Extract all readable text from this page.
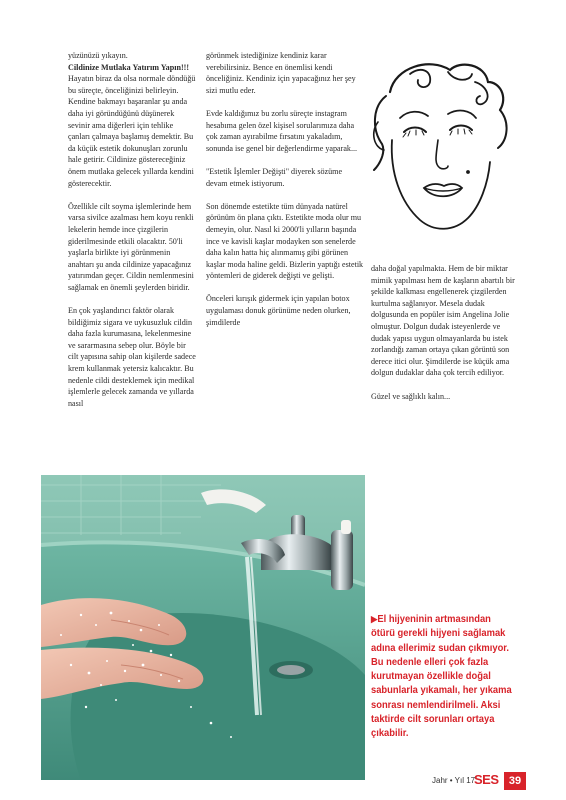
yüzünüzü yıkayın.
Cildinize Mutlaka Yatırım Yapın!!!

Hayatın biraz da olsa normale döndüğü bu süreçte, önceliğinizi belirleyin. Kendine bakmayı başaranlar şu anda daha iyi göründüğünü düşünerek sevinir ama diğerleri için tehlike çanları çalmaya başlamış demektir. Bu da küçük estetik dokunuşları zorunlu hale getirir. Cildinize göstereceğiniz önem mutlaka gelecek yıllarda kendini gösterecektir.

Özellikle cilt soyma işlemlerinde hem varsa sivilce azalması hem koyu renkli lekelerin hemde ince çizgilerin giderilmesinde etkili olacaktır. 50'li yaşlarla birlikte iyi görünmenin anahtarı şu anda cildinize yapacağınız yatırımdan geçer. Cildin nemlenmesini sağlamak en önemli şeylerden biridir.

En çok yaşlandırıcı faktör olarak bildiğimiz sigara ve uykusuzluk cildin daha fazla kurumasına, lekelenmesine ve sararmasına sebep olur. Böyle bir cilt yapısına sahip olan kişilerde sadece krem kullanmak yetersiz kalıcaktır. Bu nedenle cildi desteklemek için medikal işlemlerle gelecek zamanda ve yıllarda nasıl

görünmek istediğinize kendiniz karar verebilirsiniz. Bence en önemlisi kendi önceliğiniz. Kendiniz için yapacağınız her şey sizi mutlu eder.

Evde kaldığımız bu zorlu süreçte instagram hesabıma gelen özel kişisel sorularımıza daha çok zaman ayırabilme fırsatını yakaladım, sonunda ise genel bir değerlendirme yaparak...

"Estetik İşlemler Değişti" diyerek sözüme devam etmek istiyorum.

Son dönemde estetikte tüm dünyada natürel görünüm ön plana çıktı. Estetikte moda olur mu demeyin, olur. Nasıl ki 2000'li yılların başında ince ve kavisli kaşlar modayken son senelerde daha kalın hatta hiç alınmamış gibi görünen kaşlar moda haline geldi. Bizlerin yaptığı estetik yöntemleri de giderek değişti ve gelişti.

Önceleri kırışık gidermek için yapılan botox uygulaması donuk görünüme neden olurken, şimdilerde

daha doğal yapılmakta. Hem de bir miktar mimik yapılması hem de kaşların abartılı bir şekilde kalkması engellenerek çizgilerden kurtulma sağlanıyor. Mesela dudak dolgusunda en popüler isim Angelina Jolie olmuştur. Dolgun dudak isteyenlerde ve dudak yapısı uygun olmayanlarda bu istek zorlandığı zaman ortaya çıkan görüntü son derece itici olur. Şimdilerde ise küçük ama dolgun dudaklar daha çok tercih ediliyor.

Güzel ve sağlıklı kalın...

▶El hijyeninin artmasından ötürü gerekli hijyeni sağlamak adına ellerimiz sudan çıkmıyor. Bu nedenle elleri çok fazla kurutmayan özellikle doğal sabunlarla yıkamalı, her yıkama sonrası nemlendirilmeli. Aksi taktirde cilt sorunları ortaya çıkabilir.
Jahr • Yıl 17
SES 39
